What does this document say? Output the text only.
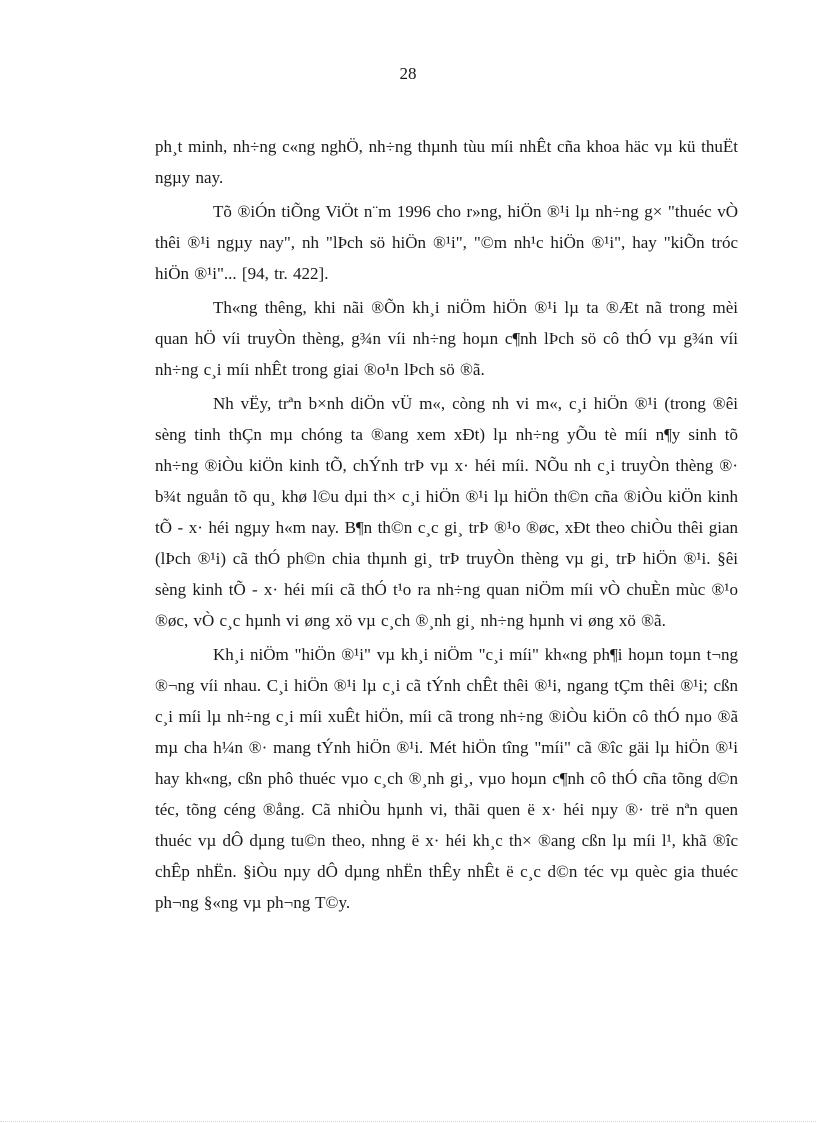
28

ph¸t minh, nh÷ng c«ng nghÖ, nh÷ng thµnh tùu míi nhÊt cña khoa häc vµ kü thuËt ngµy nay.

Tõ ®iÓn tiÕng ViÖt n¨m 1996 cho r»ng, hiÖn ®¹i lµ nh÷ng g× "thuéc vÒ thêi ®¹i ngµy nay", nh "lÞch sö hiÖn ®¹i", "©m nh¹c hiÖn ®¹i", hay "kiÕn tróc hiÖn ®¹i"... [94, tr. 422].

Th«ng thêng, khi nãi ®Õn kh¸i niÖm hiÖn ®¹i lµ ta ®Æt nã trong mèi quan hÖ víi truyÒn thèng, g¾n víi nh÷ng hoµn c¶nh lÞch sö cô thÓ vµ g¾n víi nh÷ng c¸i míi nhÊt trong giai ®o¹n lÞch sö ®ã.

Nh vËy, trªn b×nh diÖn vÜ m«, còng nh vi m«, c¸i hiÖn ®¹i (trong ®êi sèng tinh thÇn mµ chóng ta ®ang xem xÐt) lµ nh÷ng yÕu tè míi n¶y sinh tõ nh÷ng ®iÒu kiÖn kinh tÕ, chÝnh trÞ vµ x· héi míi. NÕu nh c¸i truyÒn thèng ®· b¾t nguån tõ qu¸ khø l©u dµi th× c¸i hiÖn ®¹i lµ hiÖn th©n cña ®iÒu kiÖn kinh tÕ - x· héi ngµy h«m nay. B¶n th©n c¸c gi¸ trÞ ®¹o ®øc, xÐt theo chiÒu thêi gian (lÞch ®¹i) cã thÓ ph©n chia thµnh gi¸ trÞ truyÒn thèng vµ gi¸ trÞ hiÖn ®¹i. §êi sèng kinh tÕ - x· héi míi cã thÓ t¹o ra nh÷ng quan niÖm míi vÒ chuÈn mùc ®¹o ®øc, vÒ c¸c hµnh vi øng xö vµ c¸ch ®¸nh gi¸ nh÷ng hµnh vi øng xö ®ã.

Kh¸i niÖm "hiÖn ®¹i" vµ kh¸i niÖm "c¸i míi" kh«ng ph¶i hoµn toµn t¬ng ®¬ng víi nhau. C¸i hiÖn ®¹i lµ c¸i cã tÝnh chÊt thêi ®¹i, ngang tÇm thêi ®¹i; cßn c¸i míi lµ nh÷ng c¸i míi xuÊt hiÖn, míi cã trong nh÷ng ®iÒu kiÖn cô thÓ nµo ®ã mµ cha h¼n ®· mang tÝnh hiÖn ®¹i. Mét hiÖn tîng "míi" cã ®îc gäi lµ hiÖn ®¹i hay kh«ng, cßn phô thuéc vµo c¸ch ®¸nh gi¸, vµo hoµn c¶nh cô thÓ cña tõng d©n téc, tõng céng ®ång. Cã nhiÒu hµnh vi, thãi quen ë x· héi nµy ®· trë nªn quen thuéc vµ dÔ dµng tu©n theo, nhng ë x· héi kh¸c th× ®ang cßn lµ míi l¹, khã ®îc chÊp nhËn. §iÒu nµy dÔ dµng nhËn thÊy nhÊt ë c¸c d©n téc vµ quèc gia thuéc ph¬ng §«ng vµ ph¬ng T©y.
